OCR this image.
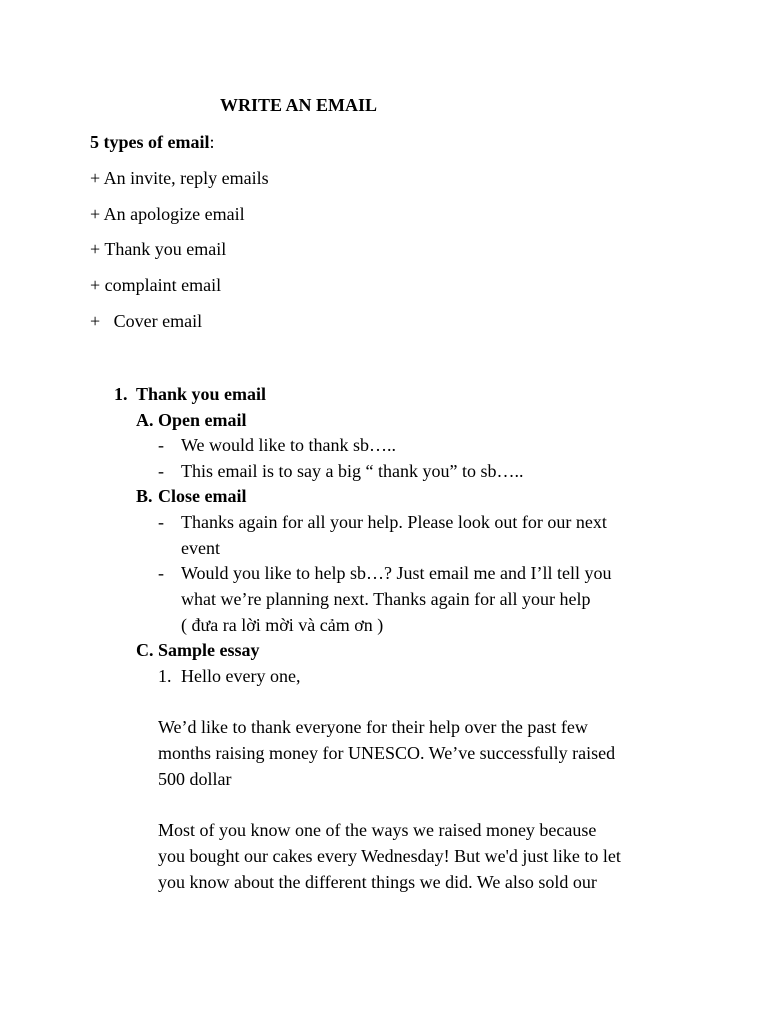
WRITE AN EMAIL
5 types of email:
+ An invite, reply emails
+ An apologize email
+ Thank you email
+ complaint email
+   Cover email
1. Thank you email
A. Open email
- We would like to thank sb…..
- This email is to say a big “ thank you” to sb…..
B. Close email
- Thanks again for all your help. Please look out for our next
event
- Would you like to help sb…? Just email me and I’ll tell you
what we’re planning next. Thanks again for all your help
( đưa ra lời mời và cảm ơn )
C. Sample essay
1. Hello every one,
We’d like to thank everyone for their help over the past few
months raising money for UNESCO. We’ve successfully raised
500 dollar
Most of you know one of the ways we raised money because
you bought our cakes every Wednesday! But we'd just like to let
you know about the different things we did. We also sold our
